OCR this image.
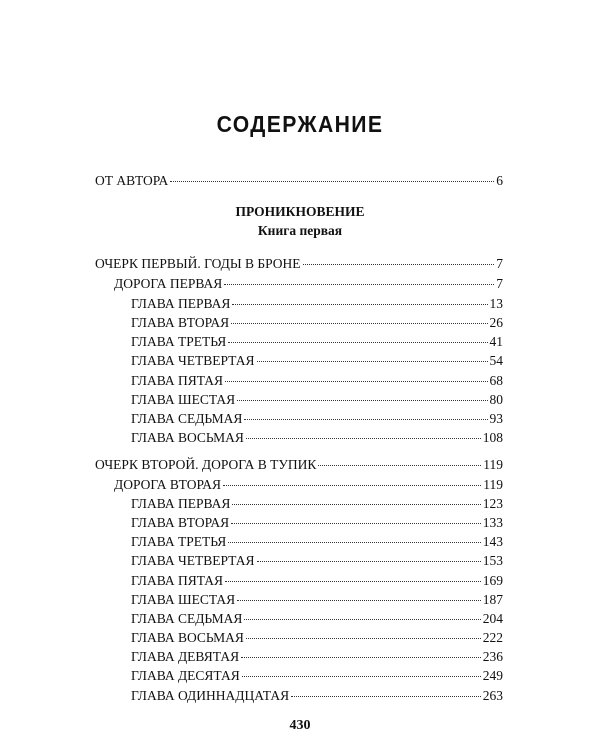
СОДЕРЖАНИЕ
ОТ АВТОРА	6
ПРОНИКНОВЕНИЕ
Книга первая
ОЧЕРК ПЕРВЫЙ. ГОДЫ В БРОНЕ	7
ДОРОГА ПЕРВАЯ	7
ГЛАВА ПЕРВАЯ	13
ГЛАВА ВТОРАЯ	26
ГЛАВА ТРЕТЬЯ	41
ГЛАВА ЧЕТВЕРТАЯ	54
ГЛАВА ПЯТАЯ	68
ГЛАВА ШЕСТАЯ	80
ГЛАВА СЕДЬМАЯ	93
ГЛАВА ВОСЬМАЯ	108
ОЧЕРК ВТОРОЙ. ДОРОГА В ТУПИК	119
ДОРОГА ВТОРАЯ	119
ГЛАВА ПЕРВАЯ	123
ГЛАВА ВТОРАЯ	133
ГЛАВА ТРЕТЬЯ	143
ГЛАВА ЧЕТВЕРТАЯ	153
ГЛАВА ПЯТАЯ	169
ГЛАВА ШЕСТАЯ	187
ГЛАВА СЕДЬМАЯ	204
ГЛАВА ВОСЬМАЯ	222
ГЛАВА ДЕВЯТАЯ	236
ГЛАВА ДЕСЯТАЯ	249
ГЛАВА ОДИННАДЦАТАЯ	263
430
